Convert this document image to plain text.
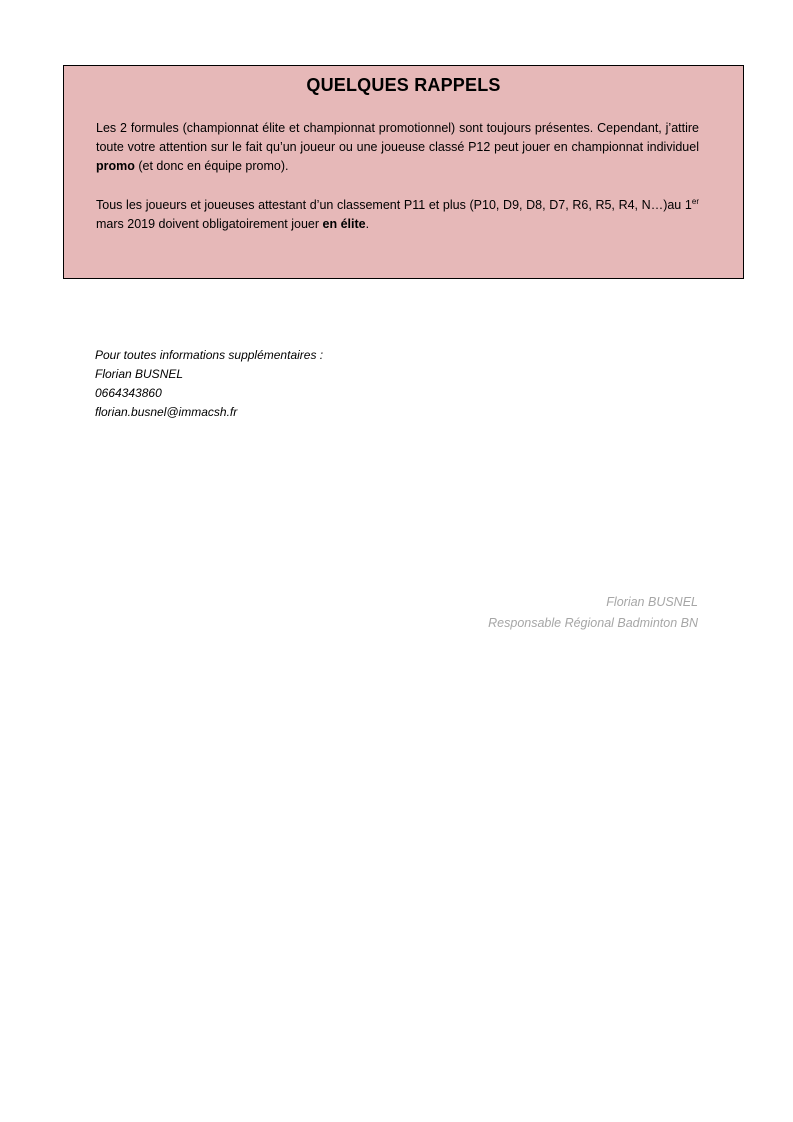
QUELQUES RAPPELS

Les 2 formules (championnat élite et championnat promotionnel) sont toujours présentes. Cependant, j’attire toute votre attention sur le fait qu’un joueur ou une joueuse classé P12 peut jouer en championnat individuel promo (et donc en équipe promo).

Tous les joueurs et joueuses attestant d’un classement P11 et plus (P10, D9, D8, D7, R6, R5, R4, N…)au 1er mars 2019 doivent obligatoirement jouer en élite.

Pour toutes informations supplémentaires :
Florian BUSNEL
0664343860
florian.busnel@immacsh.fr
Florian BUSNEL
Responsable Régional Badminton BN
